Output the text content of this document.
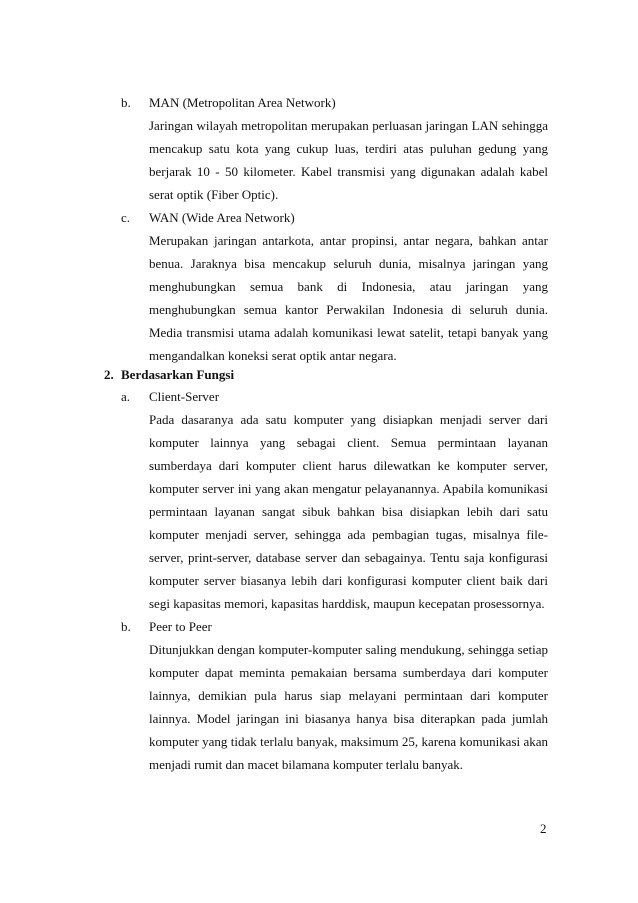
b. MAN (Metropolitan Area Network)
Jaringan wilayah metropolitan merupakan perluasan jaringan LAN sehingga
mencakup satu kota yang cukup luas, terdiri atas puluhan gedung yang
berjarak 10 - 50 kilometer. Kabel transmisi yang digunakan adalah kabel
serat optik (Fiber Optic).
c. WAN (Wide Area Network)
Merupakan jaringan antarkota, antar propinsi, antar negara, bahkan antar
benua. Jaraknya bisa mencakup seluruh dunia, misalnya jaringan yang
menghubungkan semua bank di Indonesia, atau jaringan yang
menghubungkan semua kantor Perwakilan Indonesia di seluruh dunia.
Media transmisi utama adalah komunikasi lewat satelit, tetapi banyak yang
mengandalkan koneksi serat optik antar negara.
2. Berdasarkan Fungsi
a. Client-Server
Pada dasaranya ada satu komputer yang disiapkan menjadi server dari
komputer lainnya yang sebagai client. Semua permintaan layanan
sumberdaya dari komputer client harus dilewatkan ke komputer server,
komputer server ini yang akan mengatur pelayanannya. Apabila komunikasi
permintaan layanan sangat sibuk bahkan bisa disiapkan lebih dari satu
komputer menjadi server, sehingga ada pembagian tugas, misalnya file-
server, print-server, database server dan sebagainya. Tentu saja konfigurasi
komputer server biasanya lebih dari konfigurasi komputer client baik dari
segi kapasitas memori, kapasitas harddisk, maupun kecepatan prosessornya.
b. Peer to Peer
Ditunjukkan dengan komputer-komputer saling mendukung, sehingga setiap
komputer dapat meminta pemakaian bersama sumberdaya dari komputer
lainnya, demikian pula harus siap melayani permintaan dari komputer
lainnya. Model jaringan ini biasanya hanya bisa diterapkan pada jumlah
komputer yang tidak terlalu banyak, maksimum 25, karena komunikasi akan
menjadi rumit dan macet bilamana komputer terlalu banyak.
2
